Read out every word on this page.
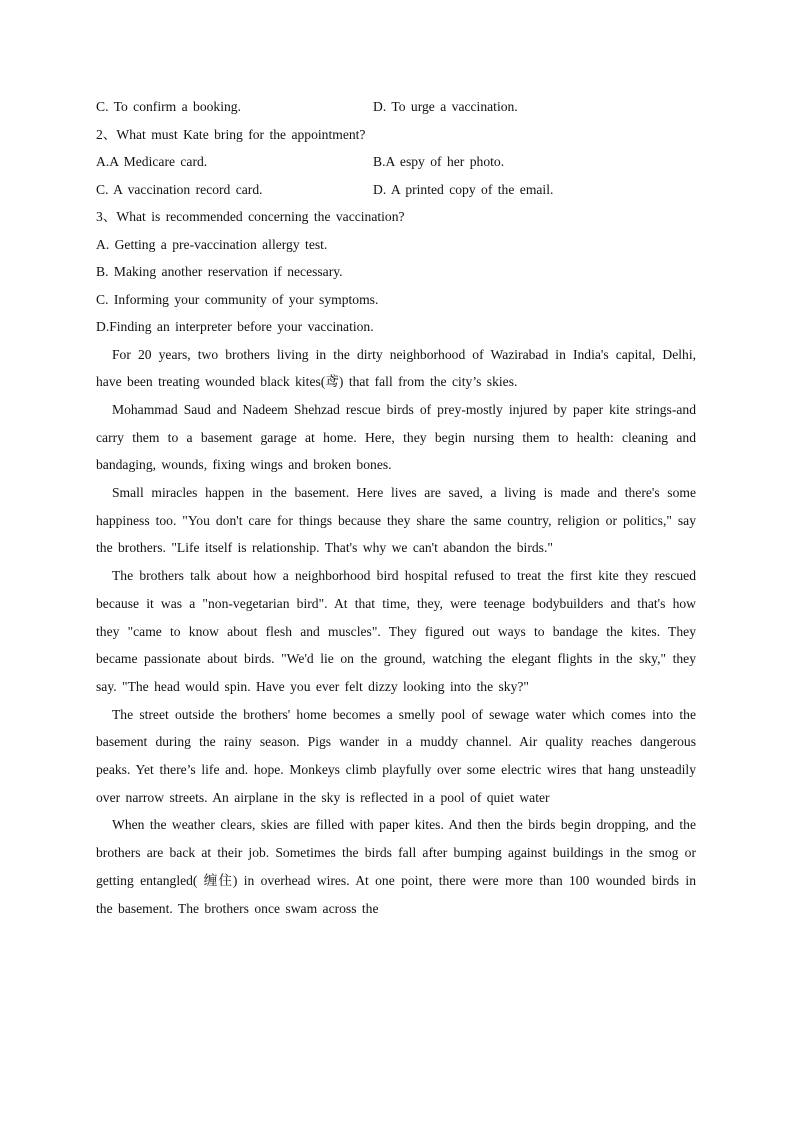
C. To confirm a booking.	D. To urge a vaccination.
2、What must Kate bring for the appointment?
A.A Medicare card.	B.A espy of her photo.
C. A vaccination record card.	D. A printed copy of the email.
3、What is recommended concerning the vaccination?
A. Getting a pre-vaccination allergy test.
B. Making another reservation if necessary.
C. Informing your community of your symptoms.
D.Finding an interpreter before your vaccination.

For 20 years, two brothers living in the dirty neighborhood of Wazirabad in India's capital, Delhi, have been treating wounded black kites(鸢) that fall from the city’s skies.

Mohammad Saud and Nadeem Shehzad rescue birds of prey-mostly injured by paper kite strings-and carry them to a basement garage at home. Here, they begin nursing them to health: cleaning and bandaging, wounds, fixing wings and broken bones.

Small miracles happen in the basement. Here lives are saved, a living is made and there's some happiness too. "You don't care for things because they share the same country, religion or politics," say the brothers. "Life itself is relationship. That's why we can't abandon the birds."

The brothers talk about how a neighborhood bird hospital refused to treat the first kite they rescued because it was a "non-vegetarian bird". At that time, they, were teenage bodybuilders and that's how they "came to know about flesh and muscles". They figured out ways to bandage the kites. They became passionate about birds. "We'd lie on the ground, watching the elegant flights in the sky," they say. "The head would spin. Have you ever felt dizzy looking into the sky?"

The street outside the brothers' home becomes a smelly pool of sewage water which comes into the basement during the rainy season. Pigs wander in a muddy channel. Air quality reaches dangerous peaks. Yet there’s life and. hope. Monkeys climb playfully over some electric wires that hang unsteadily over narrow streets. An airplane in the sky is reflected in a pool of quiet water

When the weather clears, skies are filled with paper kites. And then the birds begin dropping, and the brothers are back at their job. Sometimes the birds fall after bumping against buildings in the smog or getting entangled( 缠住) in overhead wires. At one point, there were more than 100 wounded birds in the basement. The brothers once swam across the
